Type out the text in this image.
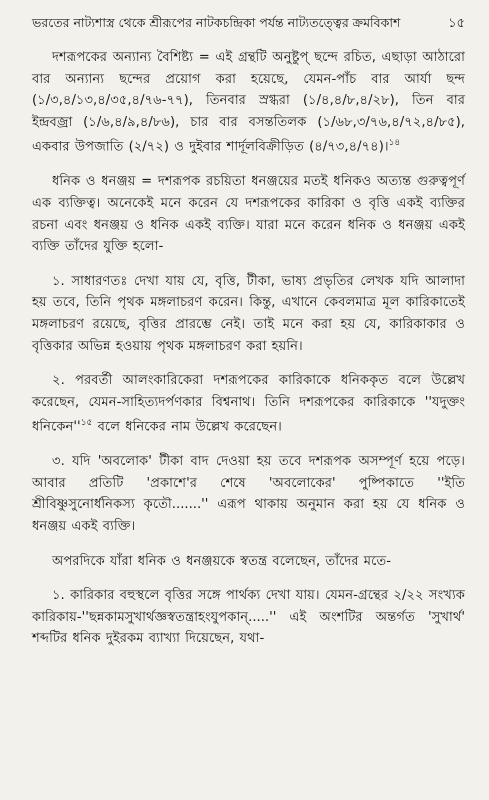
ভরতের নাট্যশাস্ত্র থেকে শ্রীরূপের নাটকচন্দ্রিকা পর্যন্ত নাট্যতত্ত্বের ক্রমবিকাশ	১৫

দশরূপকের অন্যান্য বৈশিষ্ট্য = এই গ্রন্থটি অনুষ্টুপ্ ছন্দে রচিত, এছাড়া আঠারো বার অন্যান্য ছন্দের প্রয়োগ করা হয়েছে, যেমন-পাঁচ বার আর্যা ছন্দ (১/৩,৪/১৩,৪/৩৫,৪/৭৬-৭৭), তিনবার স্রগ্ধরা (১/৪,৪/৮,৪/২৮), তিন বার ইন্দ্রবজ্রা (১/৬,৪/৯,৪/৮৬), চার বার বসন্ততিলক (১/৬৮,৩/৭৬,৪/৭২,৪/৮৫), একবার উপজাতি (২/৭২) ও দুইবার শার্দূলবিক্রীড়িত (৪/৭৩,৪/৭৪)।$^{১৪}$

ধনিক ও ধনঞ্জয় = দশরূপক রচয়িতা ধনঞ্জয়ের মতই ধনিকও অত্যন্ত গুরুত্বপূর্ণ এক ব্যক্তিত্ব। অনেকেই মনে করেন যে দশরূপকের কারিকা ও বৃত্তি একই ব্যক্তির রচনা এবং ধনঞ্জয় ও ধনিক একই ব্যক্তি। যারা মনে করেন ধনিক ও ধনঞ্জয় একই ব্যক্তি তাঁদের যুক্তি হলো-

১. সাধারণতঃ দেখা যায় যে, বৃত্তি, টীকা, ভাষ্য প্রভৃতির লেখক যদি আলাদা হয় তবে, তিনি পৃথক মঙ্গলাচরণ করেন। কিন্তু, এখানে কেবলমাত্র মূল কারিকাতেই মঙ্গলাচরণ রয়েছে, বৃত্তির প্রারম্ভে নেই। তাই মনে করা হয় যে, কারিকাকার ও বৃত্তিকার অভিন্ন হওয়ায় পৃথক মঙ্গলাচরণ করা হয়নি।

২. পরবর্তী আলংকারিকেরা দশরূপকের কারিকাকে ধনিককৃত বলে উল্লেখ করেছেন, যেমন-সাহিত্যদর্পণকার বিশ্বনাথ। তিনি দশরূপকের কারিকাকে ''যদুক্তং ধনিকেন''$^{১৫}$ বলে ধনিকের নাম উল্লেখ করেছেন।

৩. যদি 'অবলোক' টীকা বাদ দেওয়া হয় তবে দশরূপক অসম্পূর্ণ হয়ে পড়ে। আবার প্রতিটি 'প্রকাশে'র শেষে 'অবলোকের' পুষ্পিকাতে ''ইতি শ্রীবিষ্ণুসুনোর্ধনিকস্য কৃতৌ.......'' এরূপ থাকায় অনুমান করা হয় যে ধনিক ও ধনঞ্জয় একই ব্যক্তি।

অপরদিকে যাঁরা ধনিক ও ধনঞ্জয়কে স্বতন্ত্র বলেছেন, তাঁদের মতে-

১. কারিকার বহুস্থলে বৃত্তির সঙ্গে পার্থক্য দেখা যায়। যেমন-গ্রন্থের ২/২২ সংখ্যক কারিকায়-''ছন্নকামসুখার্থজ্ঞস্বতন্ত্রাহংযুপকান্.....'' এই অংশটির অন্তর্গত 'সুখার্থ' শব্দটির ধনিক দুইরকম ব্যাখ্যা দিয়েছেন, যথা-
